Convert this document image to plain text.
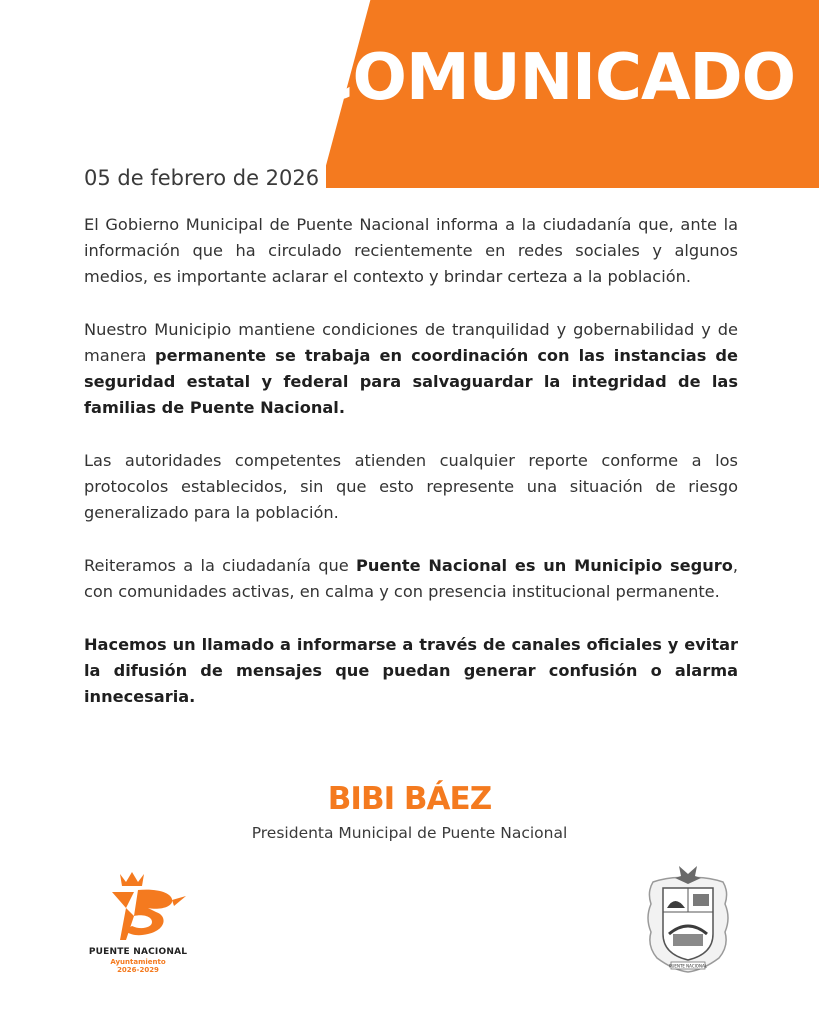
COMUNICADO
05 de febrero de 2026

El Gobierno Municipal de Puente Nacional informa a la ciudadanía que, ante la información que ha circulado recientemente en redes sociales y algunos medios, es importante aclarar el contexto y brindar certeza a la población.

Nuestro Municipio mantiene condiciones de tranquilidad y gobernabilidad y de manera permanente se trabaja en coordinación con las instancias de seguridad estatal y federal para salvaguardar la integridad de las familias de Puente Nacional.

Las autoridades competentes atienden cualquier reporte conforme a los protocolos establecidos, sin que esto represente una situación de riesgo generalizado para la población.

Reiteramos a la ciudadanía que Puente Nacional es un Municipio seguro, con comunidades activas, en calma y con presencia institucional permanente.

Hacemos un llamado a informarse a través de canales oficiales y evitar la difusión de mensajes que puedan generar confusión o alarma innecesaria.

BIBI BÁEZ
Presidenta Municipal de Puente Nacional
PUENTE NACIONAL
Ayuntamiento
2026-2029	PUENTE NACIONAL
